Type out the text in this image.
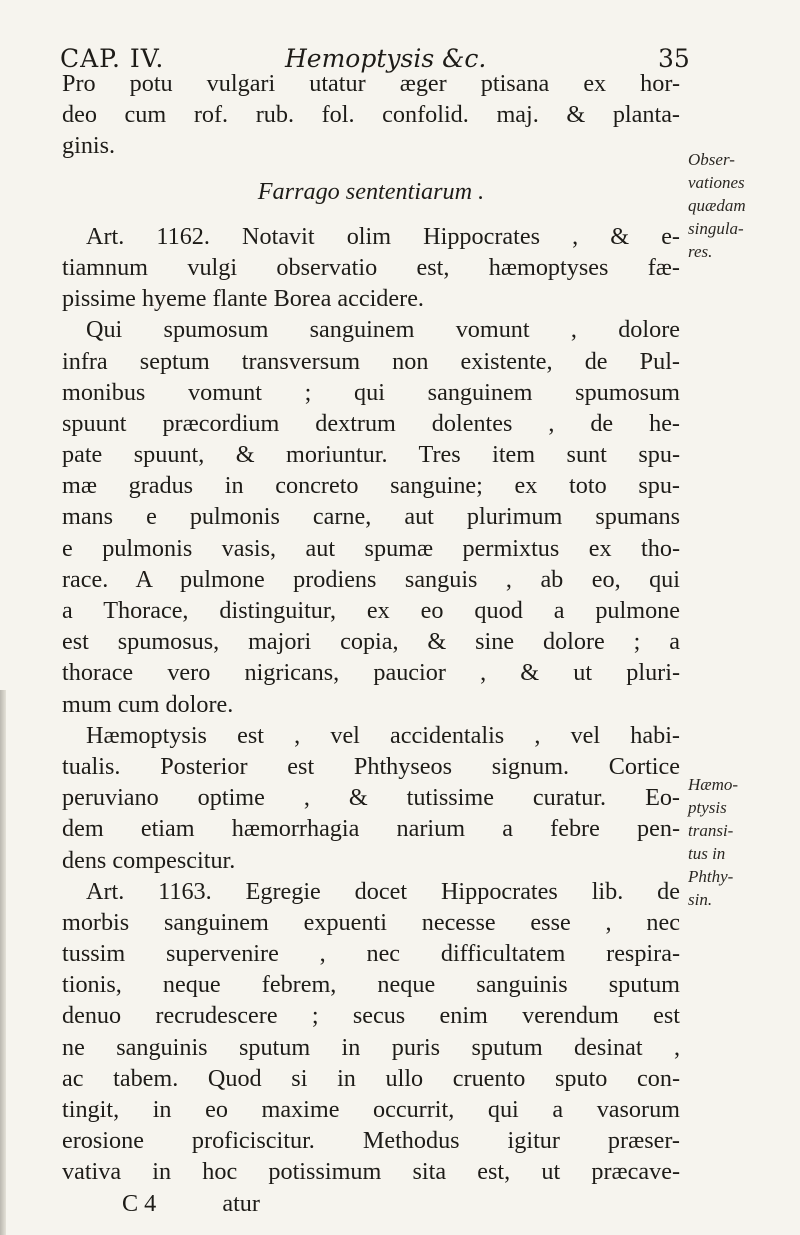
CAP. IV.	Hemoptysis &c.	35
Pro potu vulgari utatur æger ptisana ex hor-
deo cum rof. rub. fol. confolid. maj. & planta-
ginis.
Farrago sententiarum .
Art. 1162. Notavit olim Hippocrates , & e-
tiamnum vulgi observatio est, hæmoptyses fæ-
pissime hyeme flante Borea accidere.
Qui spumosum sanguinem vomunt , dolore
infra septum transversum non existente, de Pul-
monibus vomunt ; qui sanguinem spumosum
spuunt præcordium dextrum dolentes , de he-
pate spuunt, & moriuntur. Tres item sunt spu-
mæ gradus in concreto sanguine; ex toto spu-
mans e pulmonis carne, aut plurimum spumans
e pulmonis vasis, aut spumæ permixtus ex tho-
race. A pulmone prodiens sanguis , ab eo, qui
a Thorace, distinguitur, ex eo quod a pulmone
est spumosus, majori copia, & sine dolore ; a
thorace vero nigricans, paucior , & ut pluri-
mum cum dolore.
Hæmoptysis est , vel accidentalis , vel habi-
tualis. Posterior est Phthyseos signum. Cortice
peruviano optime , & tutissime curatur. Eo-
dem etiam hæmorrhagia narium a febre pen-
dens compescitur.
Art. 1163. Egregie docet Hippocrates lib. de
morbis sanguinem expuenti necesse esse , nec
tussim supervenire , nec difficultatem respira-
tionis, neque febrem, neque sanguinis sputum
denuo recrudescere ; secus enim verendum est
ne sanguinis sputum in puris sputum desinat ,
ac tabem. Quod si in ullo cruento sputo con-
tingit, in eo maxime occurrit, qui a vasorum
erosione proficiscitur. Methodus igitur præser-
vativa in hoc potissimum sita est, ut præcave-
C 4	atur
Obser-
vationes
quædam
singula-
res.
Hæmo-
ptysis
transi-
tus in
Phthy-
sin.
